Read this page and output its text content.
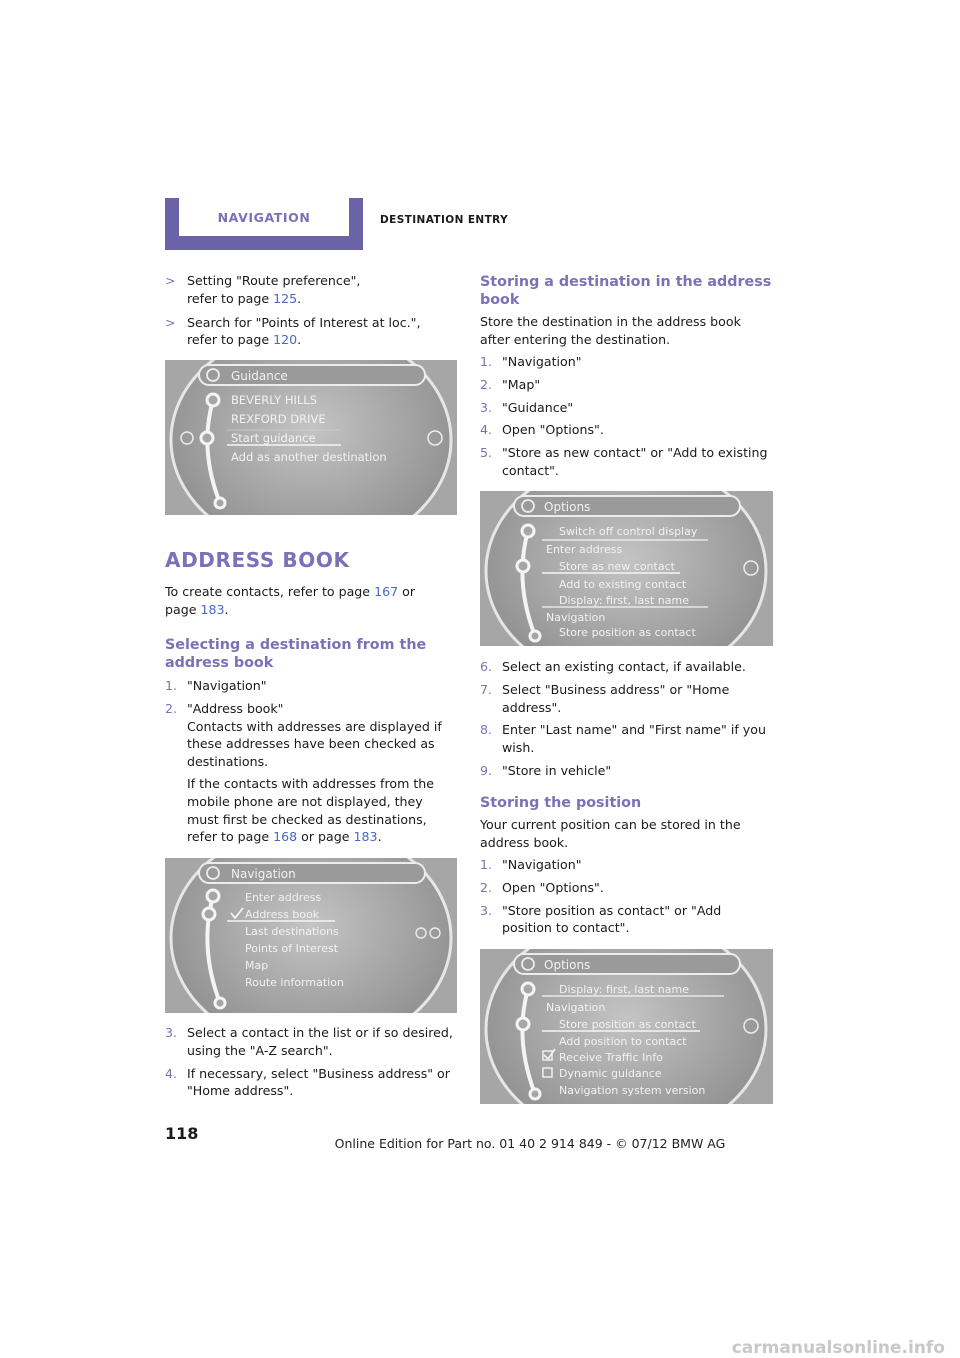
NAVIGATION	DESTINATION ENTRY
> Setting "Route preference",
refer to page 125.

> Search for "Points of Interest at loc.",
refer to page 120.

Guidance
BEVERLY HILLS
REXFORD DRIVE
Start guidance
Add as another destination
ADDRESS BOOK
To create contacts, refer to page 167 or
page 183.
Selecting a destination from the address book
1. "Navigation"

2. "Address book"
Contacts with addresses are displayed if these addresses have been checked as destinations.

If the contacts with addresses from the mobile phone are not displayed, they must first be checked as destinations, refer to page 168 or page 183.

Navigation
Enter address
Address book
Last destinations
Points of Interest
Map
Route information
3. Select a contact in the list or if so desired, using the "A-Z search".

4. If necessary, select "Business address" or "Home address".

Storing a destination in the address book

Store the destination in the address book after entering the destination.

1. "Navigation"

2. "Map"

3. "Guidance"

4. Open "Options".

5. "Store as new contact" or "Add to existing contact".

Options
Switch off control display
Enter address
Store as new contact
Add to existing contact
Display: first, last name
Navigation
Store position as contact
6. Select an existing contact, if available.

7. Select "Business address" or "Home address".

8. Enter "Last name" and "First name" if you wish.

9. "Store in vehicle"

Storing the position

Your current position can be stored in the address book.

1. "Navigation"

2. Open "Options".

3. "Store position as contact" or "Add position to contact".

Options
Display: first, last name
Navigation
Store position as contact
Add position to contact
Receive Traffic Info
Dynamic guidance
Navigation system version
118
Online Edition for Part no. 01 40 2 914 849 - © 07/12 BMW AG
carmanualsonline.info
